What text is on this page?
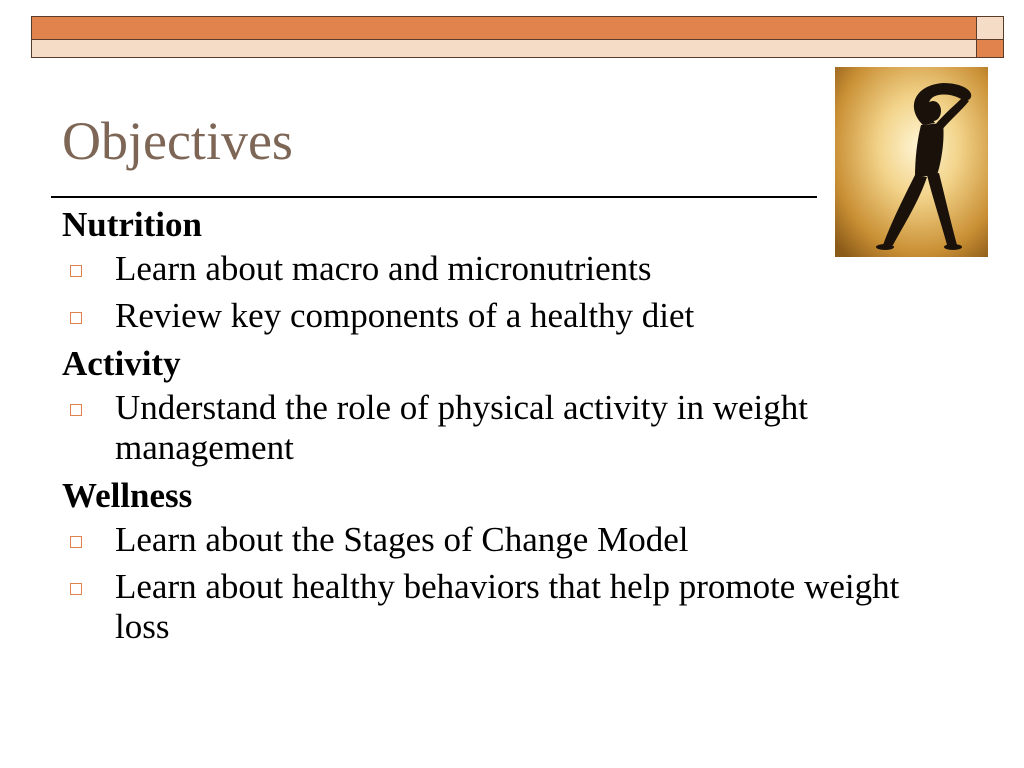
Objectives

Nutrition

Learn about macro and micronutrients
Review key components of a healthy diet

Activity

Understand the role of physical activity in weight management

Wellness

Learn about the Stages of Change Model
Learn about healthy behaviors that help promote weight loss
